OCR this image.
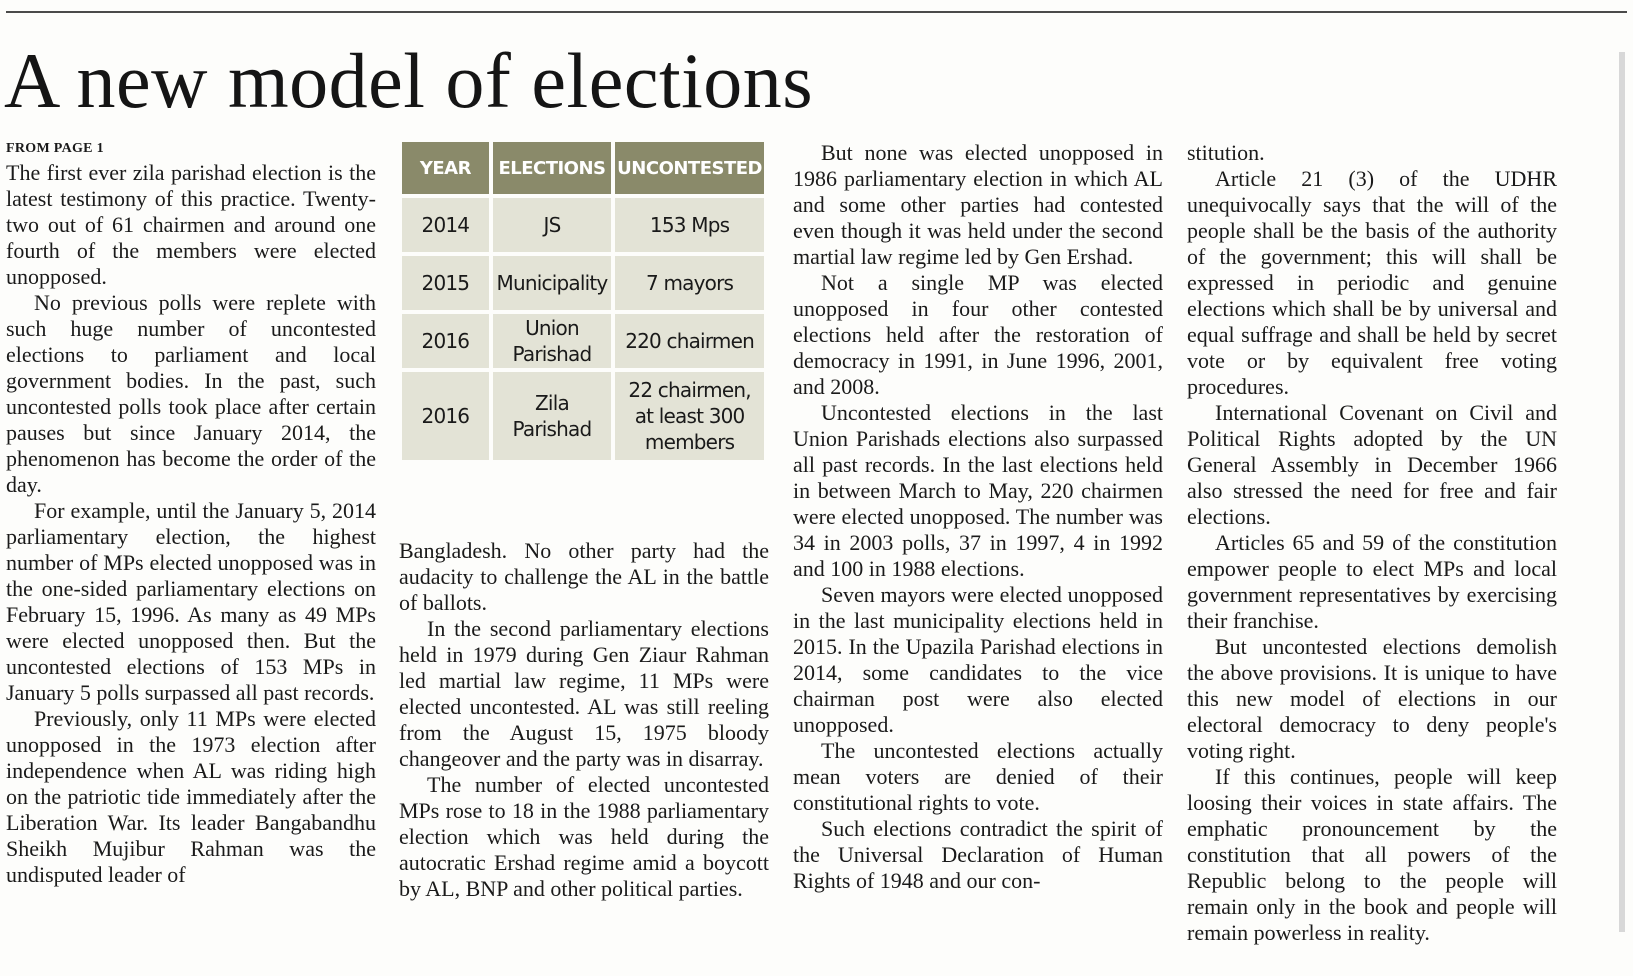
A new model of elections
FROM PAGE 1

The first ever zila parishad election is the latest testimony of this practice. Twenty-two out of 61 chairmen and around one fourth of the members were elected unopposed.

No previous polls were replete with such huge number of uncontested elections to parliament and local government bodies. In the past, such uncontested polls took place after certain pauses but since January 2014, the phenomenon has become the order of the day.

For example, until the January 5, 2014 parliamentary election, the highest number of MPs elected unopposed was in the one-sided parliamentary elections on February 15, 1996. As many as 49 MPs were elected unopposed then. But the uncontested elections of 153 MPs in January 5 polls surpassed all past records.

Previously, only 11 MPs were elected unopposed in the 1973 election after independence when AL was riding high on the patriotic tide immediately after the Liberation War. Its leader Bangabandhu Sheikh Mujibur Rahman was the undisputed leader of

YEAR	ELECTIONS	UNCONTESTED
2014	JS	153 Mps
2015	Municipality	7 mayors
2016	Union Parishad	220 chairmen
2016	Zila Parishad	22 chairmen, at least 300 members

Bangladesh. No other party had the audacity to challenge the AL in the battle of ballots.

In the second parliamentary elections held in 1979 during Gen Ziaur Rahman led martial law regime, 11 MPs were elected uncontested. AL was still reeling from the August 15, 1975 bloody changeover and the party was in disarray.

The number of elected uncontested MPs rose to 18 in the 1988 parliamentary election which was held during the autocratic Ershad regime amid a boycott by AL, BNP and other political parties.

But none was elected unopposed in 1986 parliamentary election in which AL and some other parties had contested even though it was held under the second martial law regime led by Gen Ershad.

Not a single MP was elected unopposed in four other contested elections held after the restoration of democracy in 1991, in June 1996, 2001, and 2008.

Uncontested elections in the last Union Parishads elections also surpassed all past records. In the last elections held in between March to May, 220 chairmen were elected unopposed. The number was 34 in 2003 polls, 37 in 1997, 4 in 1992 and 100 in 1988 elections.

Seven mayors were elected unopposed in the last municipality elections held in 2015. In the Upazila Parishad elections in 2014, some candidates to the vice chairman post were also elected unopposed.

The uncontested elections actually mean voters are denied of their constitutional rights to vote.

Such elections contradict the spirit of the Universal Declaration of Human Rights of 1948 and our con-

stitution.

Article 21 (3) of the UDHR unequivocally says that the will of the people shall be the basis of the authority of the government; this will shall be expressed in periodic and genuine elections which shall be by universal and equal suffrage and shall be held by secret vote or by equivalent free voting procedures.

International Covenant on Civil and Political Rights adopted by the UN General Assembly in December 1966 also stressed the need for free and fair elections.

Articles 65 and 59 of the constitution empower people to elect MPs and local government representatives by exercising their franchise.

But uncontested elections demolish the above provisions. It is unique to have this new model of elections in our electoral democracy to deny people's voting right.

If this continues, people will keep loosing their voices in state affairs. The emphatic pronouncement by the constitution that all powers of the Republic belong to the people will remain only in the book and people will remain powerless in reality.
